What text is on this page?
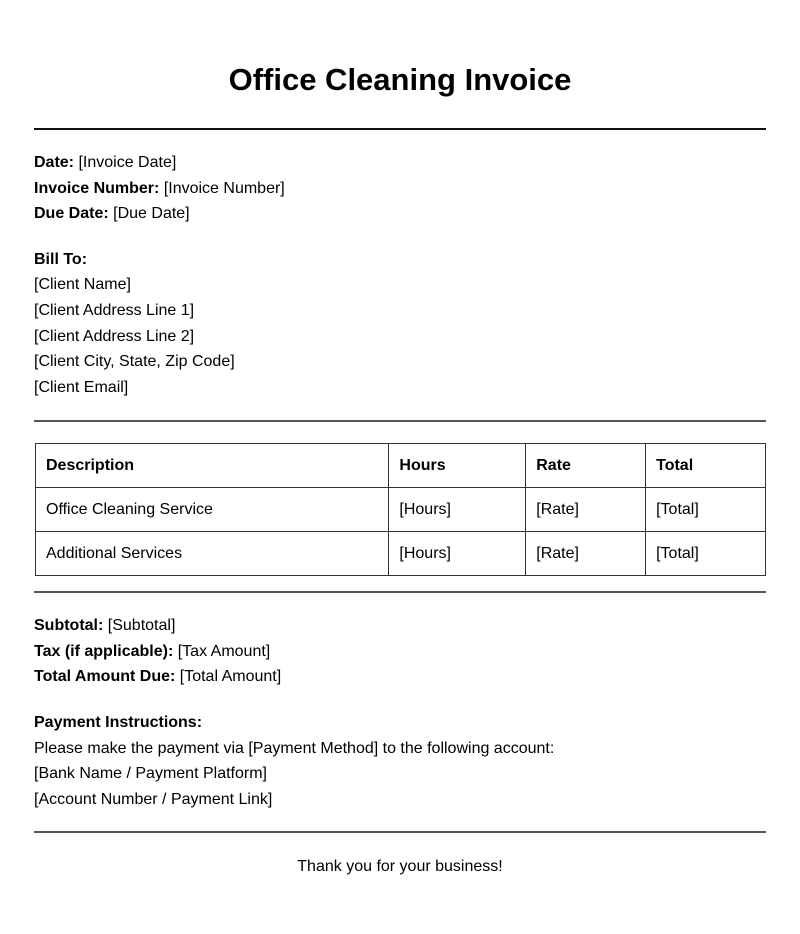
Office Cleaning Invoice
Date: [Invoice Date]
Invoice Number: [Invoice Number]
Due Date: [Due Date]
Bill To:
[Client Name]
[Client Address Line 1]
[Client Address Line 2]
[Client City, State, Zip Code]
[Client Email]
Description	Hours	Rate	Total
Office Cleaning Service	[Hours]	[Rate]	[Total]
Additional Services	[Hours]	[Rate]	[Total]
Subtotal: [Subtotal]
Tax (if applicable): [Tax Amount]
Total Amount Due: [Total Amount]
Payment Instructions:
Please make the payment via [Payment Method] to the following account:
[Bank Name / Payment Platform]
[Account Number / Payment Link]
Thank you for your business!
